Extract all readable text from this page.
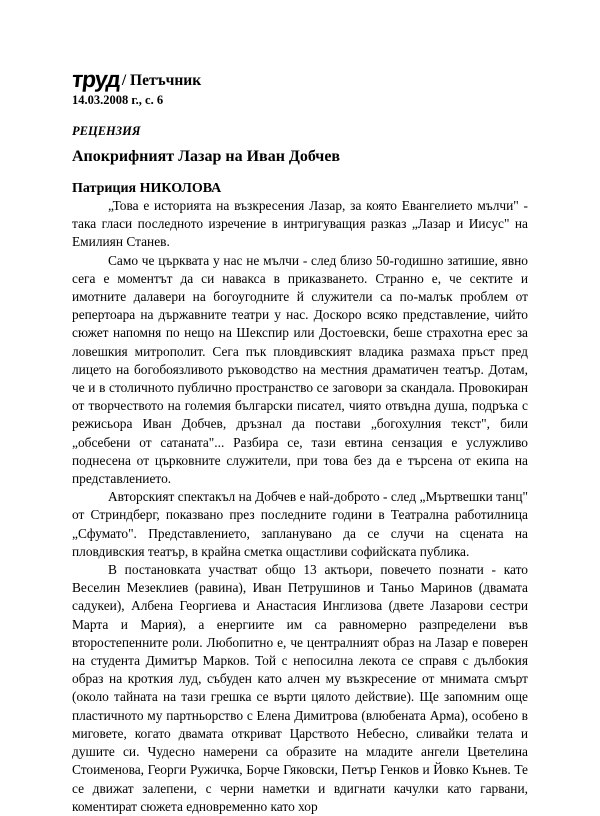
труд / Петъчник
14.03.2008 г., с. 6
РЕЦЕНЗИЯ
Апокрифният Лазар на Иван Добчев
Патриция НИКОЛОВА

„Това е историята на възкресения Лазар, за която Евангелието мълчи" - така гласи последното изречение в интригуващия разказ „Лазар и Иисус" на Емилиян Станев.

Само че църквата у нас не мълчи - след близо 50-годишно затишие, явно сега е моментът да си навакса в приказването. Странно е, че сектите и имотните далавери на богоугодните й служители са по-малък проблем от репертоара на държавните театри у нас. Доскоро всяко представление, чийто сюжет напомня по нещо на Шекспир или Достоевски, беше страхотна ерес за ловешкия митрополит. Сега пък пловдивският владика размаха пръст пред лицето на богобоязливото ръководство на местния драматичен театър. Дотам, че и в столичното публично пространство се заговори за скандала. Провокиран от творчеството на големия български писател, чиято отвъдна душа, подръка с режисьора Иван Добчев, дръзнал да постави „богохулния текст", били „обсебени от сатаната"... Разбира се, тази евтина сензация е услужливо поднесена от църковните служители, при това без да е търсена от екипа на представлението.

Авторският спектакъл на Добчев е най-доброто - след „Мъртвешки танц" от Стриндберг, показвано през последните години в Театрална работилница „Сфумато". Представлението, запланувано да се случи на сцената на пловдивския театър, в крайна сметка ощастливи софийската публика.

В постановката участват общо 13 актьори, повечето познати - като Веселин Мезеклиев (равина), Иван Петрушинов и Таньо Маринов (двамата садукеи), Албена Георгиева и Анастасия Инглизова (двете Лазарови сестри Марта и Мария), а енергиите им са равномерно разпределени във второстепенните роли. Любопитно е, че централният образ на Лазар е поверен на студента Димитър Марков. Той с непосилна лекота се справя с дълбокия образ на кроткия луд, събуден като алчен му възкресение от мнимата смърт (около тайната на тази грешка се върти цялото действие). Ще запомним още пластичното му партньорство с Елена Димитрова (влюбената Арма), особено в миговете, когато двамата откриват Царството Небесно, сливайки телата и душите си. Чудесно намерени са образите на младите ангели Цветелина Стоименова, Георги Ружичка, Борче Гяковски, Петър Генков и Йовко Кънев. Те се движат залепени, с черни наметки и вдигнати качулки като гарвани, коментират сюжета едновременно като хор
